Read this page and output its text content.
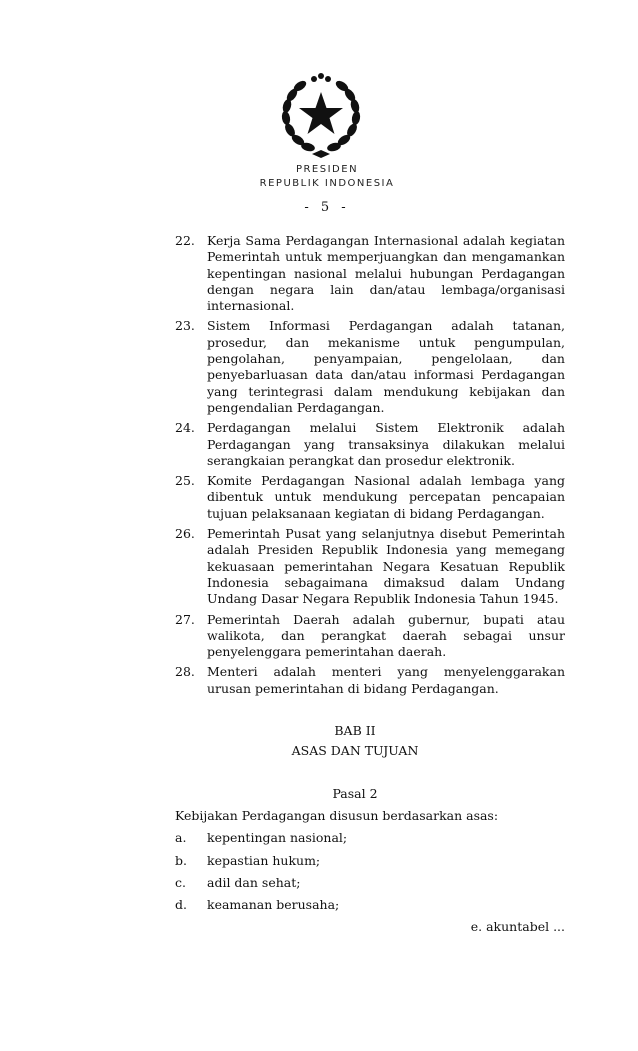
PRESIDEN
REPUBLIK INDONESIA
- 5 -
22. Kerja Sama Perdagangan Internasional adalah kegiatan Pemerintah untuk memperjuangkan dan mengamankan kepentingan nasional melalui hubungan Perdagangan dengan negara lain dan/atau lembaga/organisasi internasional.
23. Sistem Informasi Perdagangan adalah tatanan, prosedur, dan mekanisme untuk pengumpulan, pengolahan, penyampaian, pengelolaan, dan penyebarluasan data dan/atau informasi Perdagangan yang terintegrasi dalam mendukung kebijakan dan pengendalian Perdagangan.
24. Perdagangan melalui Sistem Elektronik adalah Perdagangan yang transaksinya dilakukan melalui serangkaian perangkat dan prosedur elektronik.
25. Komite Perdagangan Nasional adalah lembaga yang dibentuk untuk mendukung percepatan pencapaian tujuan pelaksanaan kegiatan di bidang Perdagangan.
26. Pemerintah Pusat yang selanjutnya disebut Pemerintah adalah Presiden Republik Indonesia yang memegang kekuasaan pemerintahan Negara Kesatuan Republik Indonesia sebagaimana dimaksud dalam Undang Undang Dasar Negara Republik Indonesia Tahun 1945.
27. Pemerintah Daerah adalah gubernur, bupati atau walikota, dan perangkat daerah sebagai unsur penyelenggara pemerintahan daerah.
28. Menteri adalah menteri yang menyelenggarakan urusan pemerintahan di bidang Perdagangan.
BAB II
ASAS DAN TUJUAN
Pasal 2
Kebijakan Perdagangan disusun berdasarkan asas:
a.	kepentingan nasional;
b.	kepastian hukum;
c.	adil dan sehat;
d.	keamanan berusaha;
e. akuntabel ...
